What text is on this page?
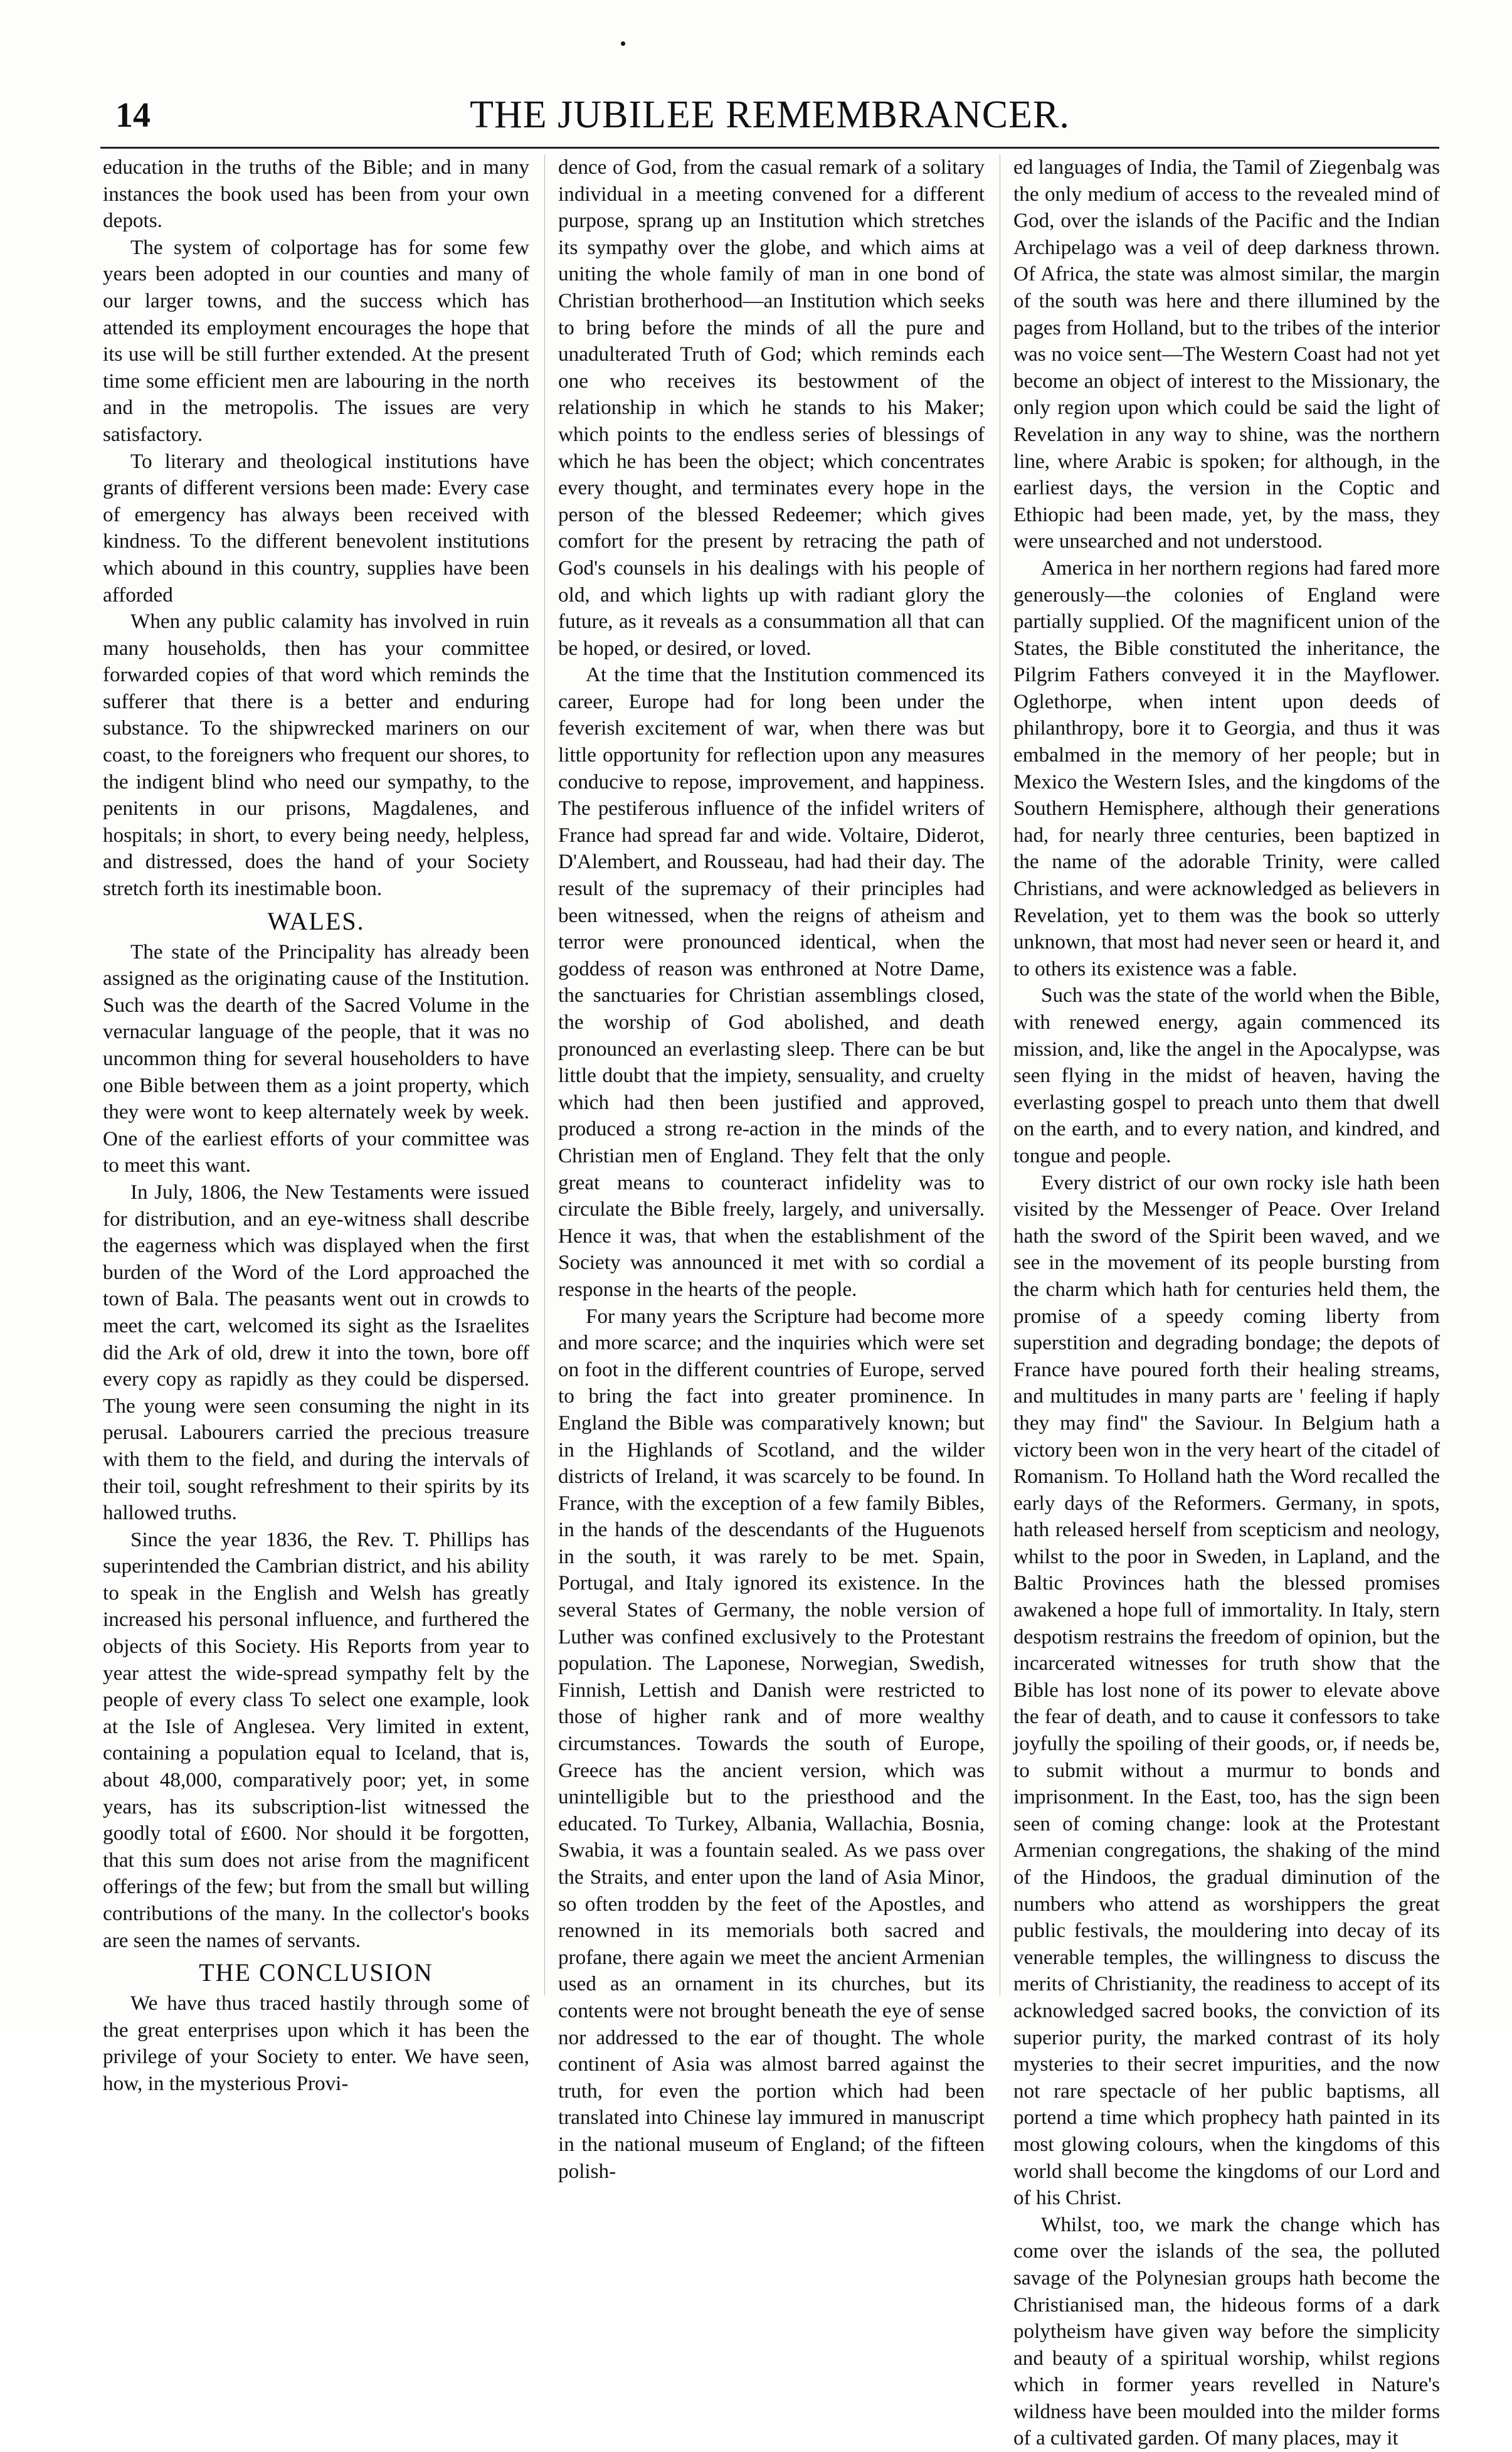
14	THE JUBILEE REMEMBRANCER.

education in the truths of the Bible; and in many instances the book used has been from your own depots.

The system of colportage has for some few years been adopted in our counties and many of our larger towns, and the success which has attended its employment encourages the hope that its use will be still further extended. At the present time some efficient men are labouring in the north and in the metropolis. The issues are very satisfactory.

To literary and theological institutions have grants of different versions been made: Every case of emergency has always been received with kindness. To the different benevolent institutions which abound in this country, supplies have been afforded

When any public calamity has involved in ruin many households, then has your committee forwarded copies of that word which reminds the sufferer that there is a better and enduring substance. To the shipwrecked mariners on our coast, to the foreigners who frequent our shores, to the indigent blind who need our sympathy, to the penitents in our prisons, Magdalenes, and hospitals; in short, to every being needy, helpless, and distressed, does the hand of your Society stretch forth its inestimable boon.

WALES.

The state of the Principality has already been assigned as the originating cause of the Institution. Such was the dearth of the Sacred Volume in the vernacular language of the people, that it was no uncommon thing for several householders to have one Bible between them as a joint property, which they were wont to keep alternately week by week. One of the earliest efforts of your committee was to meet this want.

In July, 1806, the New Testaments were issued for distribution, and an eye-witness shall describe the eagerness which was displayed when the first burden of the Word of the Lord approached the town of Bala. The peasants went out in crowds to meet the cart, welcomed its sight as the Israelites did the Ark of old, drew it into the town, bore off every copy as rapidly as they could be dispersed. The young were seen consuming the night in its perusal. Labourers carried the precious treasure with them to the field, and during the intervals of their toil, sought refreshment to their spirits by its hallowed truths.

Since the year 1836, the Rev. T. Phillips has superintended the Cambrian district, and his ability to speak in the English and Welsh has greatly increased his personal influence, and furthered the objects of this Society. His Reports from year to year attest the wide-spread sympathy felt by the people of every class To select one example, look at the Isle of Anglesea. Very limited in extent, containing a population equal to Iceland, that is, about 48,000, comparatively poor; yet, in some years, has its subscription-list witnessed the goodly total of £600. Nor should it be forgotten, that this sum does not arise from the magnificent offerings of the few; but from the small but willing contributions of the many. In the collector's books are seen the names of servants.

THE CONCLUSION

We have thus traced hastily through some of the great enterprises upon which it has been the privilege of your Society to enter. We have seen, how, in the mysterious Provi-

dence of God, from the casual remark of a solitary individual in a meeting convened for a different purpose, sprang up an Institution which stretches its sympathy over the globe, and which aims at uniting the whole family of man in one bond of Christian brotherhood—an Institution which seeks to bring before the minds of all the pure and unadulterated Truth of God; which reminds each one who receives its bestowment of the relationship in which he stands to his Maker; which points to the endless series of blessings of which he has been the object; which concentrates every thought, and terminates every hope in the person of the blessed Redeemer; which gives comfort for the present by retracing the path of God's counsels in his dealings with his people of old, and which lights up with radiant glory the future, as it reveals as a consummation all that can be hoped, or desired, or loved.

At the time that the Institution commenced its career, Europe had for long been under the feverish excitement of war, when there was but little opportunity for reflection upon any measures conducive to repose, improvement, and happiness. The pestiferous influence of the infidel writers of France had spread far and wide. Voltaire, Diderot, D'Alembert, and Rousseau, had had their day. The result of the supremacy of their principles had been witnessed, when the reigns of atheism and terror were pronounced identical, when the goddess of reason was enthroned at Notre Dame, the sanctuaries for Christian assemblings closed, the worship of God abolished, and death pronounced an everlasting sleep. There can be but little doubt that the impiety, sensuality, and cruelty which had then been justified and approved, produced a strong re-action in the minds of the Christian men of England. They felt that the only great means to counteract infidelity was to circulate the Bible freely, largely, and universally. Hence it was, that when the establishment of the Society was announced it met with so cordial a response in the hearts of the people.

For many years the Scripture had become more and more scarce; and the inquiries which were set on foot in the different countries of Europe, served to bring the fact into greater prominence. In England the Bible was comparatively known; but in the Highlands of Scotland, and the wilder districts of Ireland, it was scarcely to be found. In France, with the exception of a few family Bibles, in the hands of the descendants of the Huguenots in the south, it was rarely to be met. Spain, Portugal, and Italy ignored its existence. In the several States of Germany, the noble version of Luther was confined exclusively to the Protestant population. The Laponese, Norwegian, Swedish, Finnish, Lettish and Danish were restricted to those of higher rank and of more wealthy circumstances. Towards the south of Europe, Greece has the ancient version, which was unintelligible but to the priesthood and the educated. To Turkey, Albania, Wallachia, Bosnia, Swabia, it was a fountain sealed. As we pass over the Straits, and enter upon the land of Asia Minor, so often trodden by the feet of the Apostles, and renowned in its memorials both sacred and profane, there again we meet the ancient Armenian used as an ornament in its churches, but its contents were not brought beneath the eye of sense nor addressed to the ear of thought. The whole continent of Asia was almost barred against the truth, for even the portion which had been translated into Chinese lay immured in manuscript in the national museum of England; of the fifteen polish-

ed languages of India, the Tamil of Ziegenbalg was the only medium of access to the revealed mind of God, over the islands of the Pacific and the Indian Archipelago was a veil of deep darkness thrown. Of Africa, the state was almost similar, the margin of the south was here and there illumined by the pages from Holland, but to the tribes of the interior was no voice sent—The Western Coast had not yet become an object of interest to the Missionary, the only region upon which could be said the light of Revelation in any way to shine, was the northern line, where Arabic is spoken; for although, in the earliest days, the version in the Coptic and Ethiopic had been made, yet, by the mass, they were unsearched and not understood.

America in her northern regions had fared more generously—the colonies of England were partially supplied. Of the magnificent union of the States, the Bible constituted the inheritance, the Pilgrim Fathers conveyed it in the Mayflower. Oglethorpe, when intent upon deeds of philanthropy, bore it to Georgia, and thus it was embalmed in the memory of her people; but in Mexico the Western Isles, and the kingdoms of the Southern Hemisphere, although their generations had, for nearly three centuries, been baptized in the name of the adorable Trinity, were called Christians, and were acknowledged as believers in Revelation, yet to them was the book so utterly unknown, that most had never seen or heard it, and to others its existence was a fable.

Such was the state of the world when the Bible, with renewed energy, again commenced its mission, and, like the angel in the Apocalypse, was seen flying in the midst of heaven, having the everlasting gospel to preach unto them that dwell on the earth, and to every nation, and kindred, and tongue and people.

Every district of our own rocky isle hath been visited by the Messenger of Peace. Over Ireland hath the sword of the Spirit been waved, and we see in the movement of its people bursting from the charm which hath for centuries held them, the promise of a speedy coming liberty from superstition and degrading bondage; the depots of France have poured forth their healing streams, and multitudes in many parts are ' feeling if haply they may find" the Saviour. In Belgium hath a victory been won in the very heart of the citadel of Romanism. To Holland hath the Word recalled the early days of the Reformers. Germany, in spots, hath released herself from scepticism and neology, whilst to the poor in Sweden, in Lapland, and the Baltic Provinces hath the blessed promises awakened a hope full of immortality. In Italy, stern despotism restrains the freedom of opinion, but the incarcerated witnesses for truth show that the Bible has lost none of its power to elevate above the fear of death, and to cause it confessors to take joyfully the spoiling of their goods, or, if needs be, to submit without a murmur to bonds and imprisonment. In the East, too, has the sign been seen of coming change: look at the Protestant Armenian congregations, the shaking of the mind of the Hindoos, the gradual diminution of the numbers who attend as worshippers the great public festivals, the mouldering into decay of its venerable temples, the willingness to discuss the merits of Christianity, the readiness to accept of its acknowledged sacred books, the conviction of its superior purity, the marked contrast of its holy mysteries to their secret impurities, and the now not rare spectacle of her public baptisms, all portend a time which prophecy hath painted in its most glowing colours, when the kingdoms of this world shall become the kingdoms of our Lord and of his Christ.

Whilst, too, we mark the change which has come over the islands of the sea, the polluted savage of the Polynesian groups hath become the Christianised man, the hideous forms of a dark polytheism have given way before the simplicity and beauty of a spiritual worship, whilst regions which in former years revelled in Nature's wildness have been moulded into the milder forms of a cultivated garden. Of many places, may it
